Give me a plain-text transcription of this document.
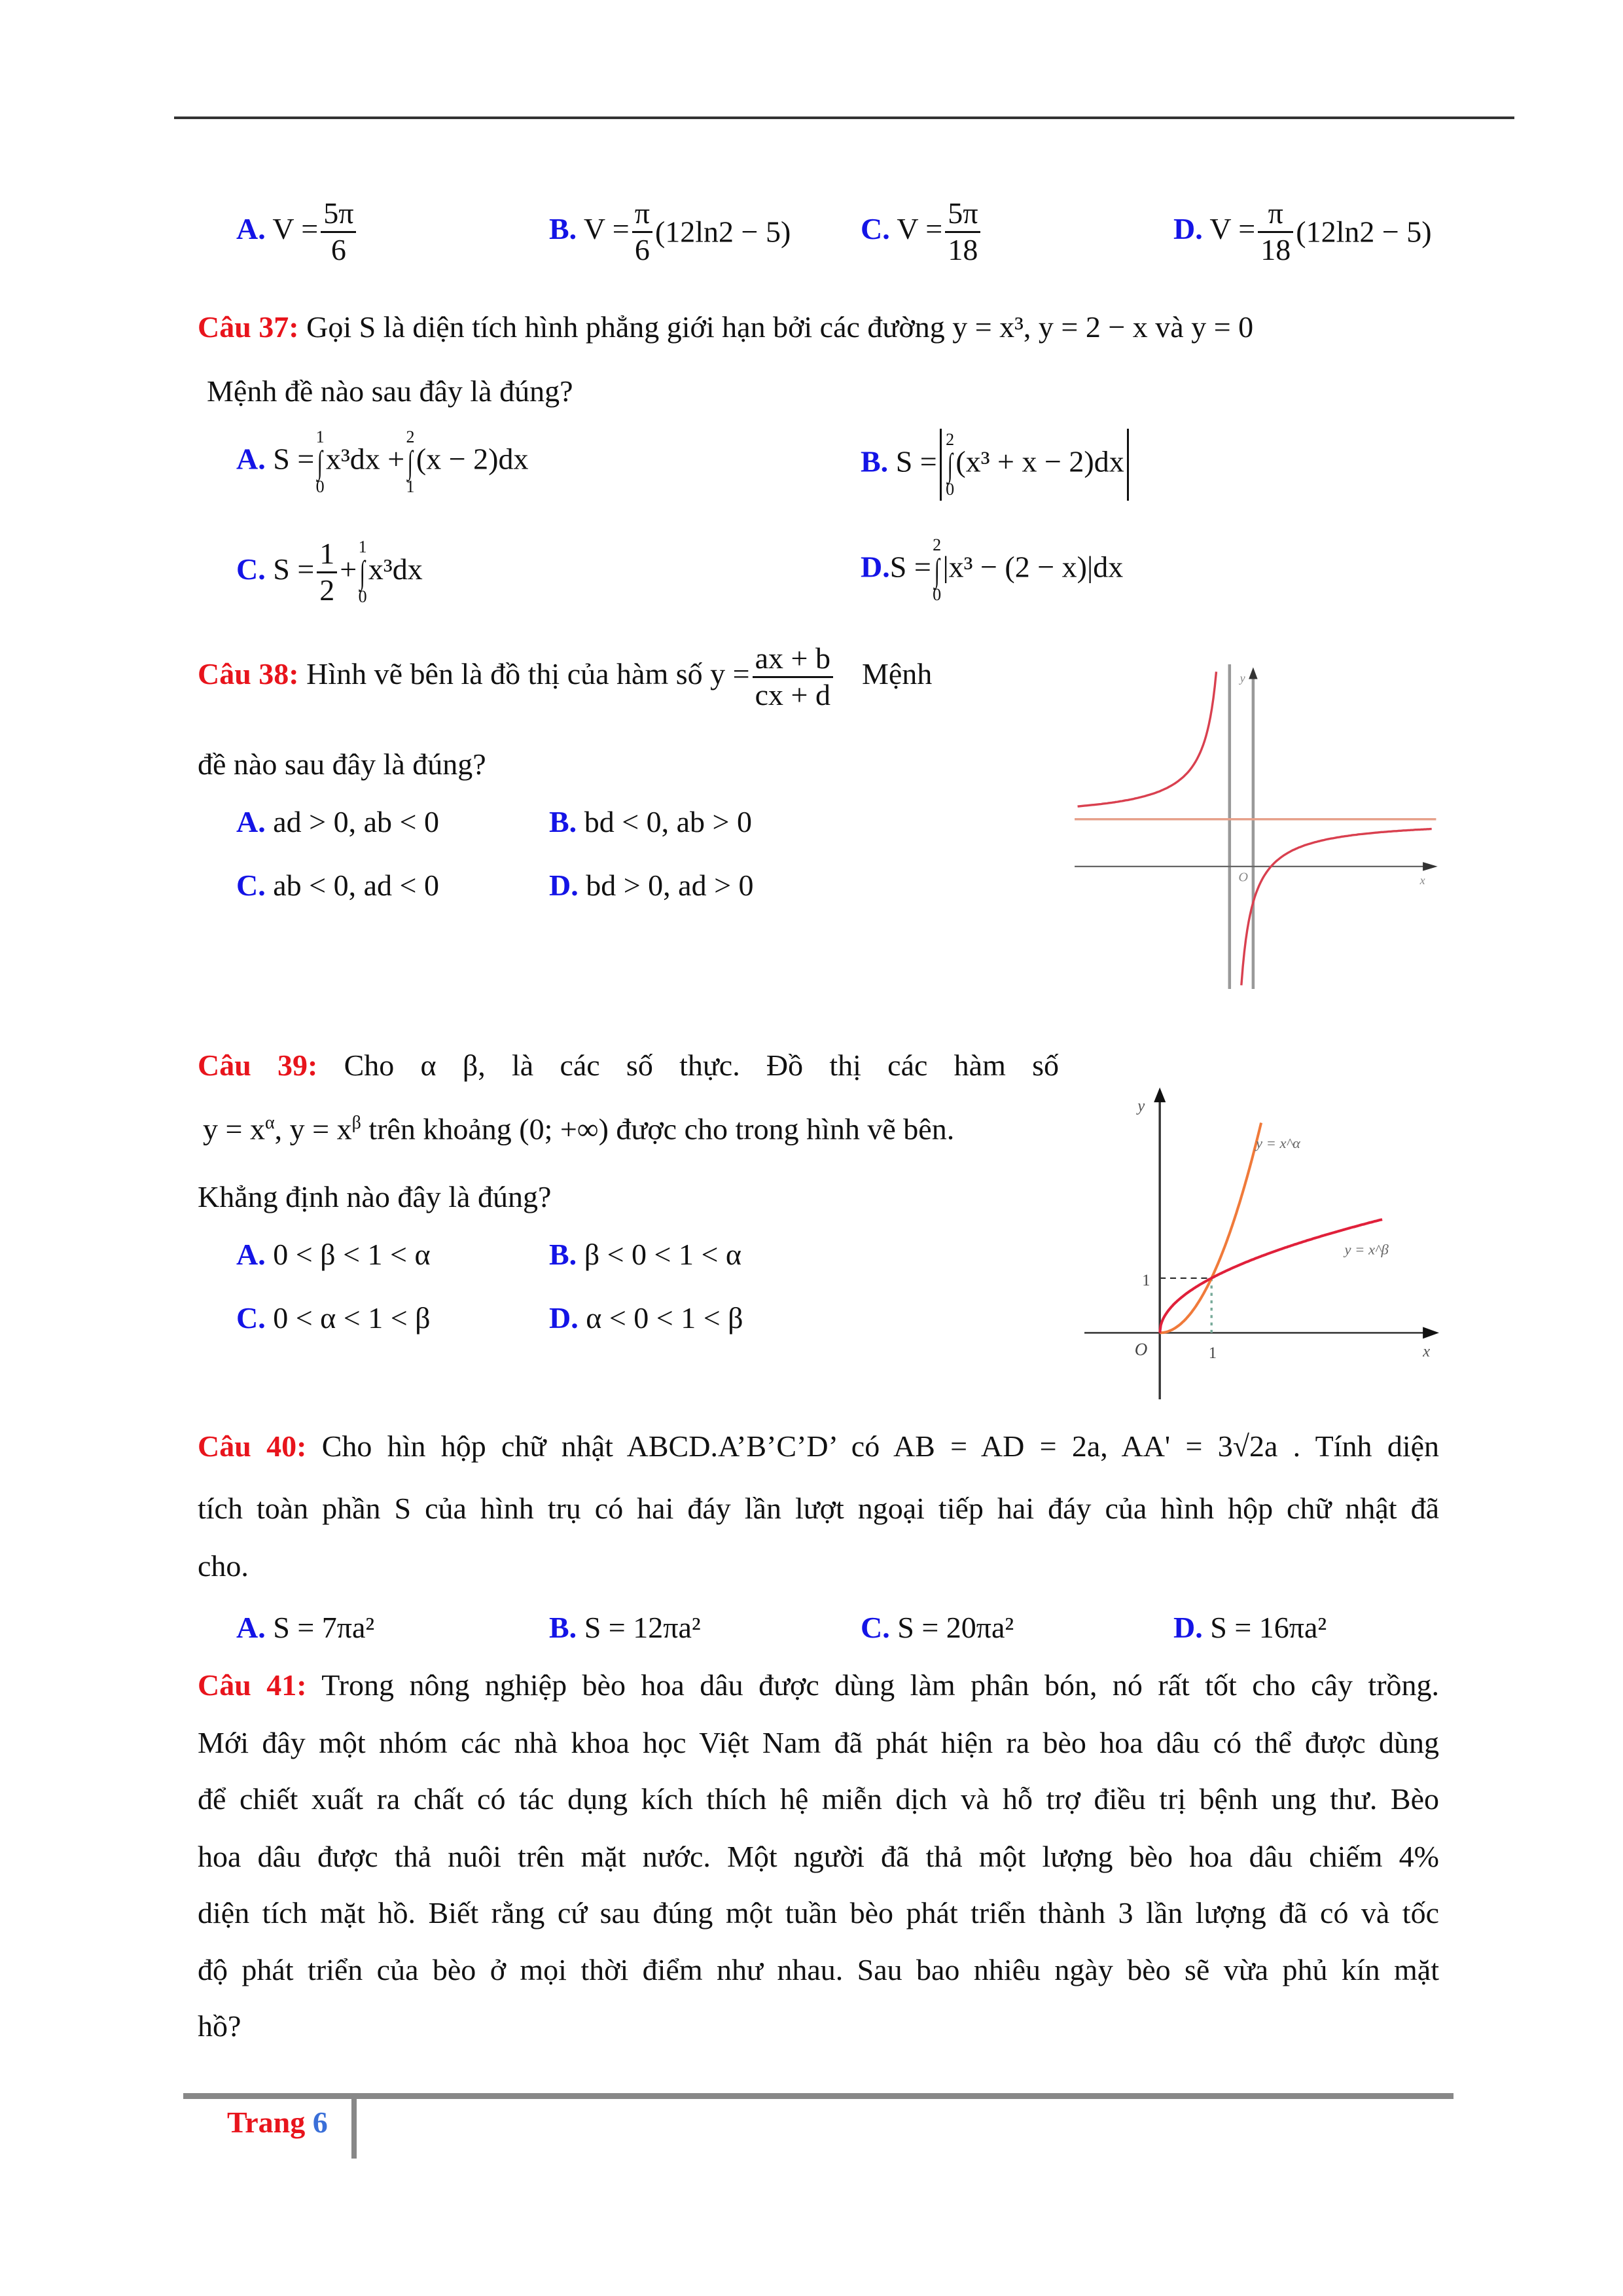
A. $V = \frac{5\pi}{6}$	B. $V = \frac{\pi}{6} (12\ln 2 - 5)$ C. $V = \frac{5\pi}{18}$	D. $V = \frac{\pi}{18} (12\ln 2 - 5)$
Câu 37: Gọi S là diện tích hình phẳng giới hạn bởi các đường y = x³, y = 2 − x và y = 0
Mệnh đề nào sau đây là đúng?
A. S =
1
∫
0
x³dx +
2
∫
1
(x − 2)dx	B. S =
2
∫
0
(x³ + x − 2)dx
C. $S = \frac{1}{2}$ +
1
∫
0
x³dx	D.S =
2
∫
0
|x³ − (2 − x)|dx
Câu 38: Hình vẽ bên là đồ thị của hàm số $y = \frac{ax + b}{cx + d}$ Mệnh
đề nào sau đây là đúng?
A. ad > 0, ab < 0	B. bd < 0, ab > 0
C. ab < 0, ad < 0	D. bd > 0, ad > 0
y
O	x
Câu 39: Cho α β, là các số thực. Đồ thị các hàm số
$y = x^\alpha$, $y = x^\beta$ trên khoảng (0; +∞) được cho trong hình vẽ bên.
Khẳng định nào đây là đúng?
A. 0 < β < 1 < α	B. β < 0 < 1 < α
C. 0 < α < 1 < β	D. α < 0 < 1 < β
y
1
O	1	x
y = x^α
y = x^β
Câu 40: Cho hìn hộp chữ nhật ABCD.A’B’C’D’ có AB = AD = 2a, AA' = 3√2a . Tính diện
tích toàn phần S của hình trụ có hai đáy lần lượt ngoại tiếp hai đáy của hình hộp chữ nhật đã
cho.
A. S = 7πa²	B. S = 12πa²	C. S = 20πa²	D. S = 16πa²
Câu 41: Trong nông nghiệp bèo hoa dâu được dùng làm phân bón, nó rất tốt cho cây trồng.
Mới đây một nhóm các nhà khoa học Việt Nam đã phát hiện ra bèo hoa dâu có thể được dùng
để chiết xuất ra chất có tác dụng kích thích hệ miễn dịch và hỗ trợ điều trị bệnh ung thư. Bèo
hoa dâu được thả nuôi trên mặt nước. Một người đã thả một lượng bèo hoa dâu chiếm 4%
diện tích mặt hồ. Biết rằng cứ sau đúng một tuần bèo phát triển thành 3 lần lượng đã có và tốc
độ phát triển của bèo ở mọi thời điểm như nhau. Sau bao nhiêu ngày bèo sẽ vừa phủ kín mặt
hồ?
Trang 6
